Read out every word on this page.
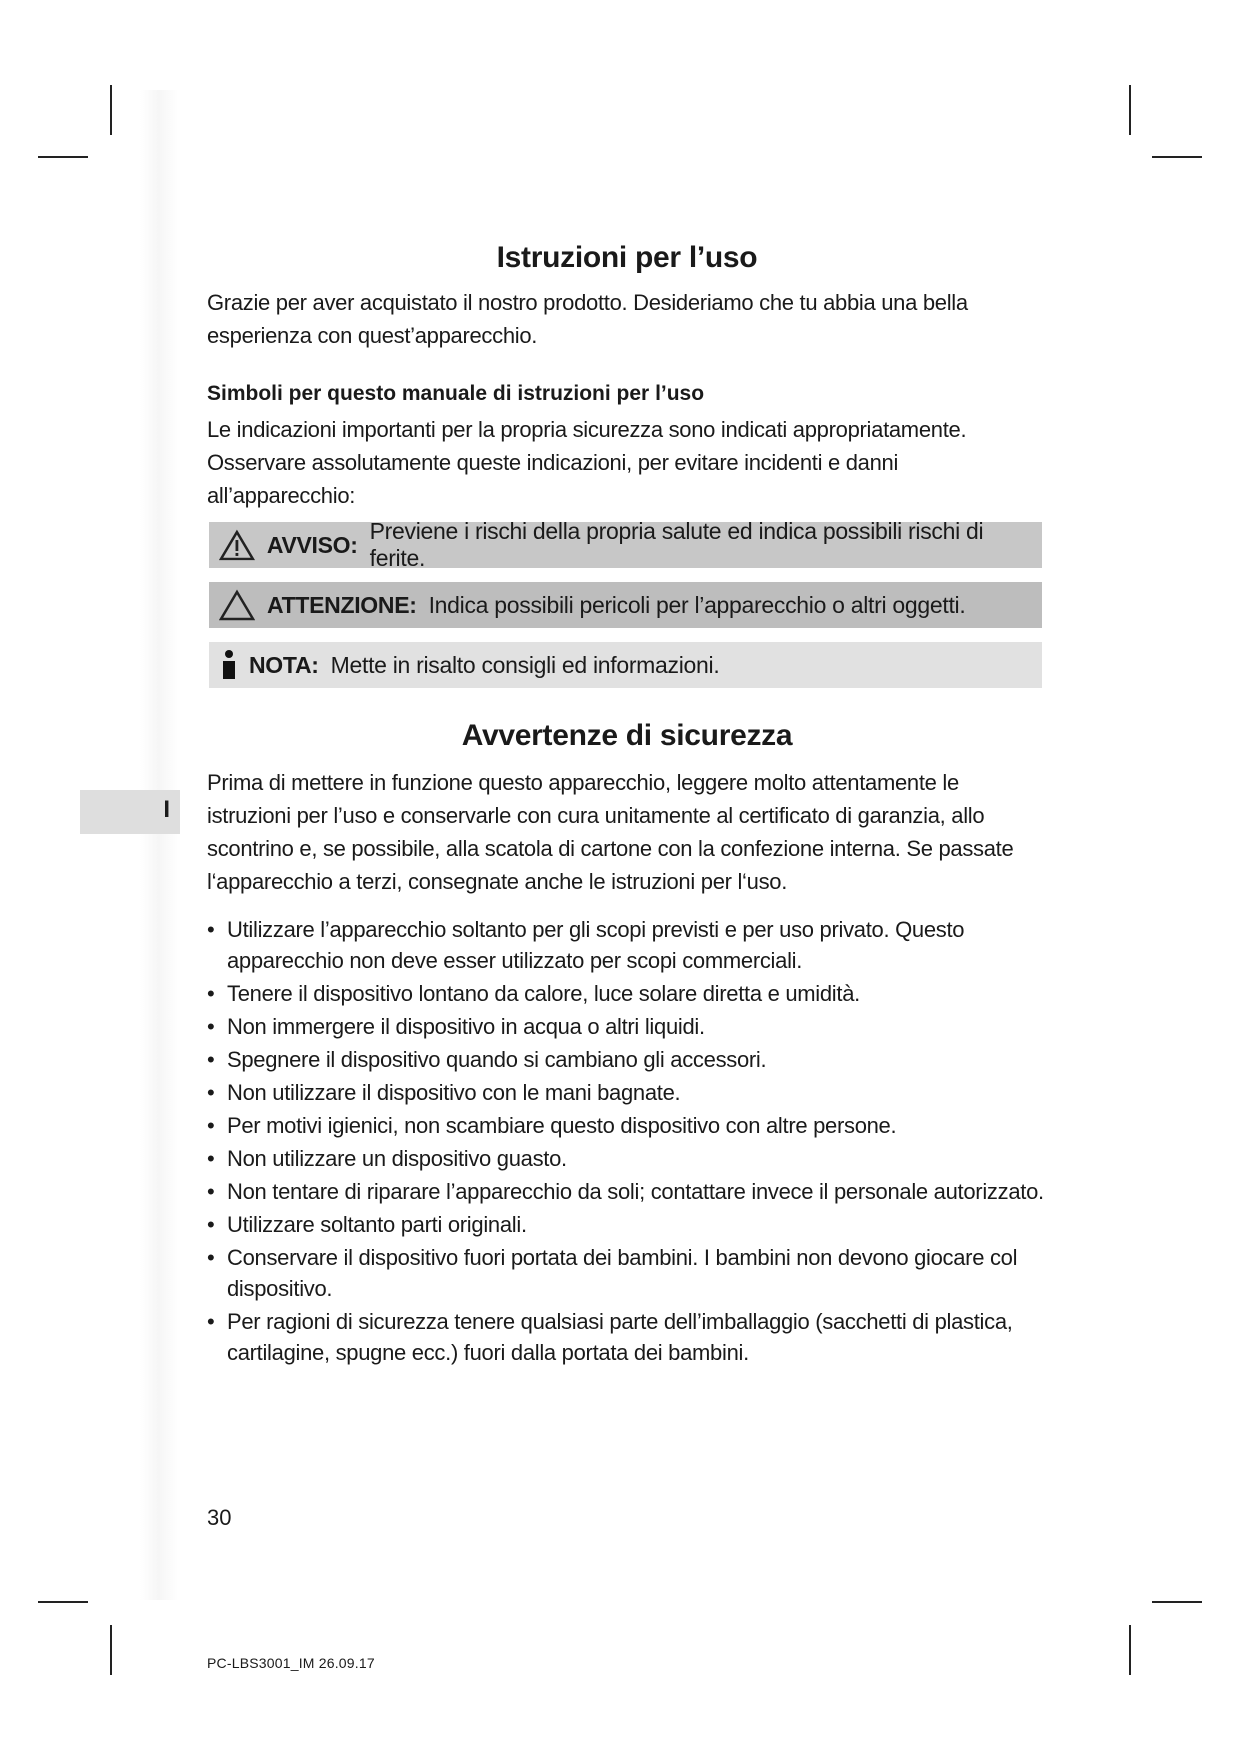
I
Istruzioni per l’uso

Grazie per aver acquistato il nostro prodotto. Desideriamo che tu abbia una bella esperienza con quest’apparecchio.

Simboli per questo manuale di istruzioni per l’uso

Le indicazioni importanti per la propria sicurezza sono indicati appropriatamente. Osservare assolutamente queste indicazioni, per evitare incidenti e danni all’apparecchio:

AVVISO:
Previene i rischi della propria salute ed indica possibili rischi di ferite.
ATTENZIONE: Indica possibili pericoli per l’apparecchio o altri oggetti.
NOTA: Mette in risalto consigli ed informazioni.
Avvertenze di sicurezza

Prima di mettere in funzione questo apparecchio, leggere molto attentamente le istruzioni per l’uso e conservarle con cura unitamente al certificato di garanzia, allo scontrino e, se possibile, alla scatola di cartone con la confezione interna. Se passate l‘apparecchio a terzi, consegnate anche le istruzioni per l‘uso.

• Utilizzare l’apparecchio soltanto per gli scopi previsti e per uso privato. Questo apparecchio non deve esser utilizzato per scopi commerciali.
• Tenere il dispositivo lontano da calore, luce solare diretta e umidità.
• Non immergere il dispositivo in acqua o altri liquidi.
• Spegnere il dispositivo quando si cambiano gli accessori.
• Non utilizzare il dispositivo con le mani bagnate.
• Per motivi igienici, non scambiare questo dispositivo con altre persone.
• Non utilizzare un dispositivo guasto.
• Non tentare di riparare l’apparecchio da soli; contattare invece il personale autorizzato.
• Utilizzare soltanto parti originali.
• Conservare il dispositivo fuori portata dei bambini. I bambini non devono giocare col dispositivo.
• Per ragioni di sicurezza tenere qualsiasi parte dell’imballaggio (sacchetti di plastica, cartilagine, spugne ecc.) fuori dalla portata dei bambini.
30
PC-LBS3001_IM 26.09.17
